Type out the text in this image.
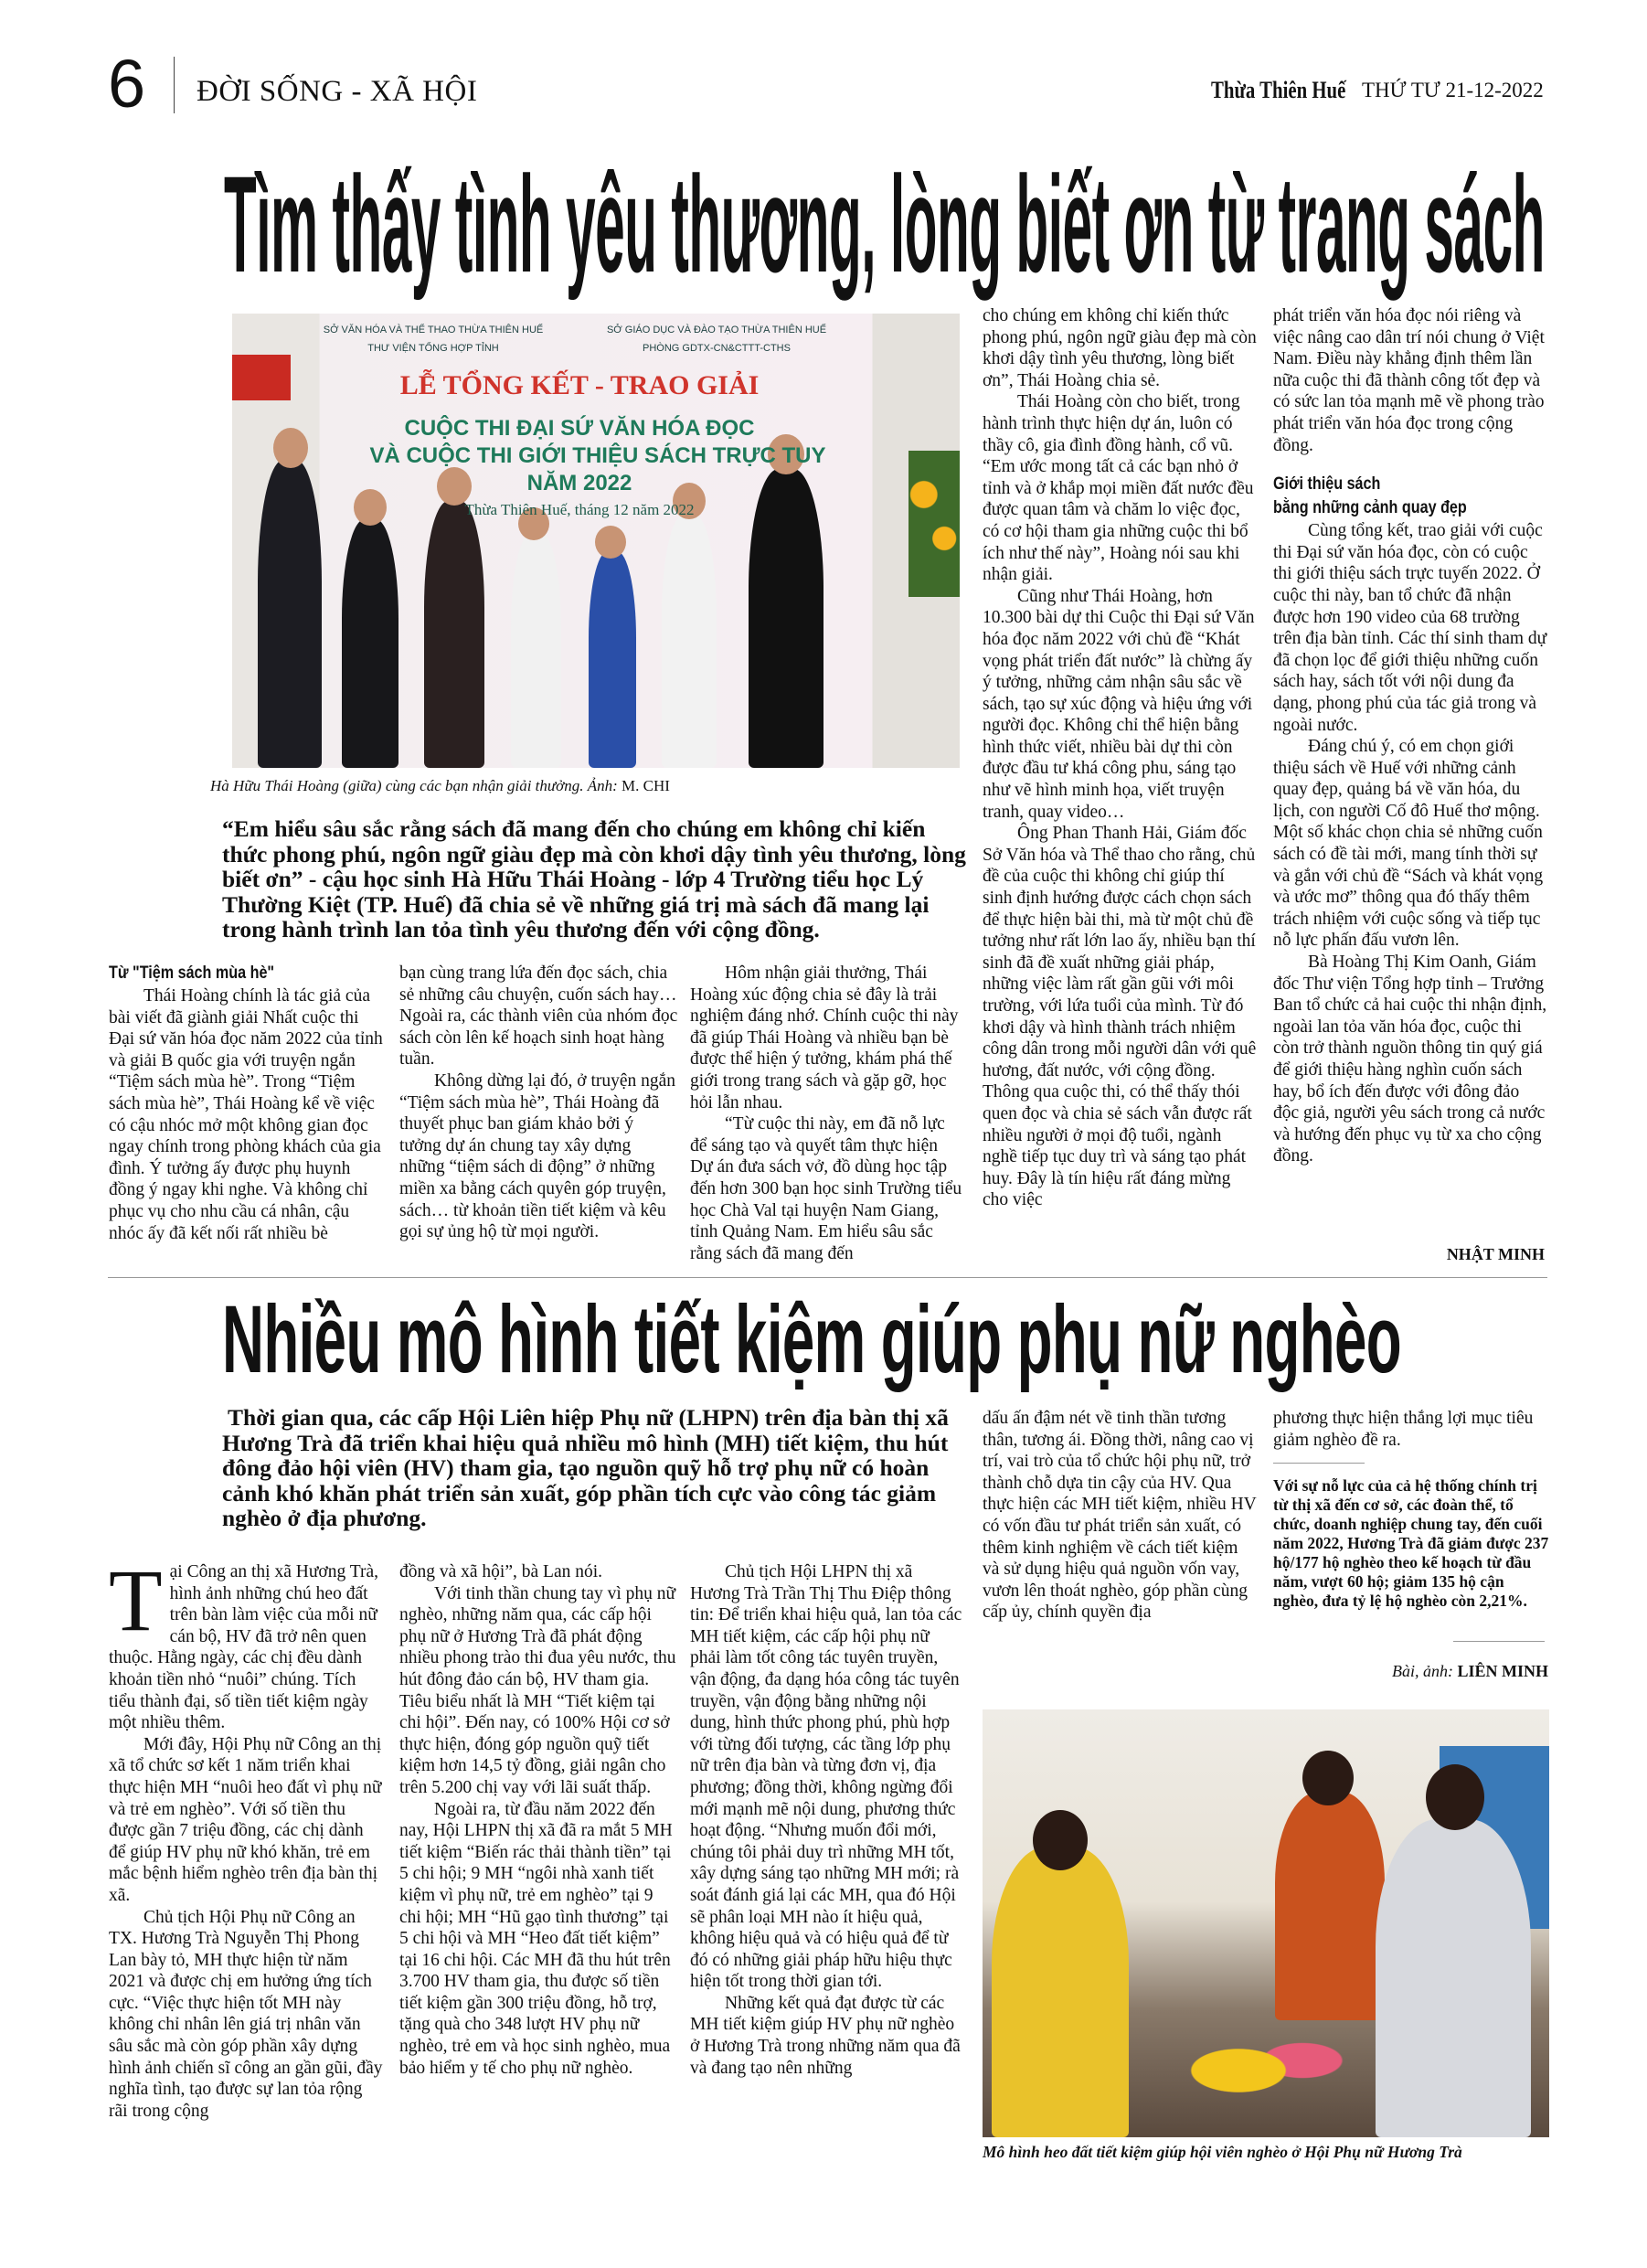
6 ĐỜI SỐNG - XÃ HỘI	Thừa Thiên Huế THỨ TƯ 21-12-2022
Tìm thấy tình yêu thương, lòng biết ơn từ trang sách
SỞ VĂN HÓA VÀ THỂ THAO THỪA THIÊN HUẾ
THƯ VIỆN TỔNG HỢP TỈNH
SỞ GIÁO DỤC VÀ ĐÀO TẠO THỪA THIÊN HUẾ
PHÒNG GDTX-CN&CTTT-CTHS
LỄ TỔNG KẾT - TRAO GIẢI
CUỘC THI ĐẠI SỨ VĂN HÓA ĐỌC
VÀ CUỘC THI GIỚI THIỆU SÁCH TRỰC TUY
NĂM 2022
Thừa Thiên Huế, tháng 12 năm 2022
Hà Hữu Thái Hoàng (giữa) cùng các bạn nhận giải thưởng. Ảnh: M. CHI
“Em hiểu sâu sắc rằng sách đã mang đến cho chúng em không chỉ kiến thức phong phú, ngôn ngữ giàu đẹp mà còn khơi dậy tình yêu thương, lòng biết ơn” - cậu học sinh Hà Hữu Thái Hoàng - lớp 4 Trường tiểu học Lý Thường Kiệt (TP. Huế) đã chia sẻ về những giá trị mà sách đã mang lại trong hành trình lan tỏa tình yêu thương đến với cộng đồng.
Từ "Tiệm sách mùa hè"

Thái Hoàng chính là tác giả của bài viết đã giành giải Nhất cuộc thi Đại sứ văn hóa đọc năm 2022 của tỉnh và giải B quốc gia với truyện ngắn “Tiệm sách mùa hè”. Trong “Tiệm sách mùa hè”, Thái Hoàng kể về việc có cậu nhóc mở một không gian đọc ngay chính trong phòng khách của gia đình. Ý tưởng ấy được phụ huynh đồng ý ngay khi nghe. Và không chỉ phục vụ cho nhu cầu cá nhân, cậu nhóc ấy đã kết nối rất nhiều bè

bạn cùng trang lứa đến đọc sách, chia sẻ những câu chuyện, cuốn sách hay… Ngoài ra, các thành viên của nhóm đọc sách còn lên kế hoạch sinh hoạt hàng tuần.

Không dừng lại đó, ở truyện ngắn “Tiệm sách mùa hè”, Thái Hoàng đã thuyết phục ban giám khảo bởi ý tưởng dự án chung tay xây dựng những “tiệm sách di động” ở những miền xa bằng cách quyên góp truyện, sách… từ khoản tiền tiết kiệm và kêu gọi sự ủng hộ từ mọi người.

Hôm nhận giải thưởng, Thái Hoàng xúc động chia sẻ đây là trải nghiệm đáng nhớ. Chính cuộc thi này đã giúp Thái Hoàng và nhiều bạn bè được thể hiện ý tưởng, khám phá thế giới trong trang sách và gặp gỡ, học hỏi lẫn nhau.

“Từ cuộc thi này, em đã nỗ lực để sáng tạo và quyết tâm thực hiện Dự án đưa sách vở, đồ dùng học tập đến hơn 300 bạn học sinh Trường tiểu học Chà Val tại huyện Nam Giang, tỉnh Quảng Nam. Em hiểu sâu sắc rằng sách đã mang đến

cho chúng em không chỉ kiến thức phong phú, ngôn ngữ giàu đẹp mà còn khơi dậy tình yêu thương, lòng biết ơn”, Thái Hoàng chia sẻ.

Thái Hoàng còn cho biết, trong hành trình thực hiện dự án, luôn có thầy cô, gia đình đồng hành, cổ vũ. “Em ước mong tất cả các bạn nhỏ ở tỉnh và ở khắp mọi miền đất nước đều được quan tâm và chăm lo việc đọc, có cơ hội tham gia những cuộc thi bổ ích như thế này”, Hoàng nói sau khi nhận giải.

Cũng như Thái Hoàng, hơn 10.300 bài dự thi Cuộc thi Đại sứ Văn hóa đọc năm 2022 với chủ đề “Khát vọng phát triển đất nước” là chừng ấy ý tưởng, những cảm nhận sâu sắc về sách, tạo sự xúc động và hiệu ứng với người đọc. Không chỉ thể hiện bằng hình thức viết, nhiều bài dự thi còn được đầu tư khá công phu, sáng tạo như vẽ hình minh họa, viết truyện tranh, quay video…

Ông Phan Thanh Hải, Giám đốc Sở Văn hóa và Thể thao cho rằng, chủ đề của cuộc thi không chỉ giúp thí sinh định hướng được cách chọn sách để thực hiện bài thi, mà từ một chủ đề tưởng như rất lớn lao ấy, nhiều bạn thí sinh đã đề xuất những giải pháp, những việc làm rất gần gũi với môi trường, với lứa tuổi của mình. Từ đó khơi dậy và hình thành trách nhiệm công dân trong mỗi người dân với quê hương, đất nước, với cộng đồng. Thông qua cuộc thi, có thể thấy thói quen đọc và chia sẻ sách vẫn được rất nhiều người ở mọi độ tuổi, ngành nghề tiếp tục duy trì và sáng tạo phát huy. Đây là tín hiệu rất đáng mừng cho việc

phát triển văn hóa đọc nói riêng và việc nâng cao dân trí nói chung ở Việt Nam. Điều này khẳng định thêm lần nữa cuộc thi đã thành công tốt đẹp và có sức lan tỏa mạnh mẽ về phong trào phát triển văn hóa đọc trong cộng đồng.

Giới thiệu sách
bằng những cảnh quay đẹp

Cùng tổng kết, trao giải với cuộc thi Đại sứ văn hóa đọc, còn có cuộc thi giới thiệu sách trực tuyến 2022. Ở cuộc thi này, ban tổ chức đã nhận được hơn 190 video của 68 trường trên địa bàn tỉnh. Các thí sinh tham dự đã chọn lọc để giới thiệu những cuốn sách hay, sách tốt với nội dung đa dạng, phong phú của tác giả trong và ngoài nước.

Đáng chú ý, có em chọn giới thiệu sách về Huế với những cảnh quay đẹp, quảng bá về văn hóa, du lịch, con người Cố đô Huế thơ mộng. Một số khác chọn chia sẻ những cuốn sách có đề tài mới, mang tính thời sự và gắn với chủ đề “Sách và khát vọng và ước mơ” thông qua đó thấy thêm trách nhiệm với cuộc sống và tiếp tục nỗ lực phấn đấu vươn lên.

Bà Hoàng Thị Kim Oanh, Giám đốc Thư viện Tổng hợp tỉnh – Trưởng Ban tổ chức cả hai cuộc thi nhận định, ngoài lan tỏa văn hóa đọc, cuộc thi còn trở thành nguồn thông tin quý giá để giới thiệu hàng nghìn cuốn sách hay, bổ ích đến được với đông đảo độc giả, người yêu sách trong cả nước và hướng đến phục vụ từ xa cho cộng đồng.

NHẬT MINH
Nhiều mô hình tiết kiệm giúp phụ nữ nghèo
Thời gian qua, các cấp Hội Liên hiệp Phụ nữ (LHPN) trên địa bàn thị xã Hương Trà đã triển khai hiệu quả nhiều mô hình (MH) tiết kiệm, thu hút đông đảo hội viên (HV) tham gia, tạo nguồn quỹ hỗ trợ phụ nữ có hoàn cảnh khó khăn phát triển sản xuất, góp phần tích cực vào công tác giảm nghèo ở địa phương.
T ại Công an thị xã Hương Trà, hình ảnh những chú heo đất trên bàn làm việc của mỗi nữ cán bộ, HV đã trở nên quen thuộc. Hằng ngày, các chị đều dành khoản tiền nhỏ “nuôi” chúng. Tích tiểu thành đại, số tiền tiết kiệm ngày một nhiều thêm.

Mới đây, Hội Phụ nữ Công an thị xã tổ chức sơ kết 1 năm triển khai thực hiện MH “nuôi heo đất vì phụ nữ và trẻ em nghèo”. Với số tiền thu được gần 7 triệu đồng, các chị dành để giúp HV phụ nữ khó khăn, trẻ em mắc bệnh hiểm nghèo trên địa bàn thị xã.

Chủ tịch Hội Phụ nữ Công an TX. Hương Trà Nguyễn Thị Phong Lan bày tỏ, MH thực hiện từ năm 2021 và được chị em hưởng ứng tích cực. “Việc thực hiện tốt MH này không chỉ nhân lên giá trị nhân văn sâu sắc mà còn góp phần xây dựng hình ảnh chiến sĩ công an gần gũi, đầy nghĩa tình, tạo được sự lan tỏa rộng rãi trong cộng

đồng và xã hội”, bà Lan nói.

Với tinh thần chung tay vì phụ nữ nghèo, những năm qua, các cấp hội phụ nữ ở Hương Trà đã phát động nhiều phong trào thi đua yêu nước, thu hút đông đảo cán bộ, HV tham gia. Tiêu biểu nhất là MH “Tiết kiệm tại chi hội”. Đến nay, có 100% Hội cơ sở thực hiện, đóng góp nguồn quỹ tiết kiệm hơn 14,5 tỷ đồng, giải ngân cho trên 5.200 chị vay với lãi suất thấp.

Ngoài ra, từ đầu năm 2022 đến nay, Hội LHPN thị xã đã ra mắt 5 MH tiết kiệm “Biến rác thải thành tiền” tại 5 chi hội; 9 MH “ngôi nhà xanh tiết kiệm vì phụ nữ, trẻ em nghèo” tại 9 chi hội; MH “Hũ gạo tình thương” tại 5 chi hội và MH “Heo đất tiết kiệm” tại 16 chi hội. Các MH đã thu hút trên 3.700 HV tham gia, thu được số tiền tiết kiệm gần 300 triệu đồng, hỗ trợ, tặng quà cho 348 lượt HV phụ nữ nghèo, trẻ em và học sinh nghèo, mua bảo hiểm y tế cho phụ nữ nghèo.

Chủ tịch Hội LHPN thị xã Hương Trà Trần Thị Thu Điệp thông tin: Để triển khai hiệu quả, lan tỏa các MH tiết kiệm, các cấp hội phụ nữ phải làm tốt công tác tuyên truyền, vận động, đa dạng hóa công tác tuyên truyền, vận động bằng những nội dung, hình thức phong phú, phù hợp với từng đối tượng, các tầng lớp phụ nữ trên địa bàn và từng đơn vị, địa phương; đồng thời, không ngừng đổi mới mạnh mẽ nội dung, phương thức hoạt động. “Nhưng muốn đổi mới, chúng tôi phải duy trì những MH tốt, xây dựng sáng tạo những MH mới; rà soát đánh giá lại các MH, qua đó Hội sẽ phân loại MH nào ít hiệu quả, không hiệu quả và có hiệu quả để từ đó có những giải pháp hữu hiệu thực hiện tốt trong thời gian tới.

Những kết quả đạt được từ các MH tiết kiệm giúp HV phụ nữ nghèo ở Hương Trà trong những năm qua đã và đang tạo nên những

dấu ấn đậm nét về tinh thần tương thân, tương ái. Đồng thời, nâng cao vị trí, vai trò của tổ chức hội phụ nữ, trở thành chỗ dựa tin cậy của HV. Qua thực hiện các MH tiết kiệm, nhiều HV có vốn đầu tư phát triển sản xuất, có thêm kinh nghiệm về cách tiết kiệm và sử dụng hiệu quả nguồn vốn vay, vươn lên thoát nghèo, góp phần cùng cấp ủy, chính quyền địa

phương thực hiện thắng lợi mục tiêu giảm nghèo đề ra.

Với sự nỗ lực của cả hệ thống chính trị từ thị xã đến cơ sở, các đoàn thể, tổ chức, doanh nghiệp chung tay, đến cuối năm 2022, Hương Trà đã giảm được 237 hộ/177 hộ nghèo theo kế hoạch từ đầu năm, vượt 60 hộ; giảm 135 hộ cận nghèo, đưa tỷ lệ hộ nghèo còn 2,21%.
Bài, ảnh: LIÊN MINH
Mô hình heo đất tiết kiệm giúp hội viên nghèo ở Hội Phụ nữ Hương Trà
